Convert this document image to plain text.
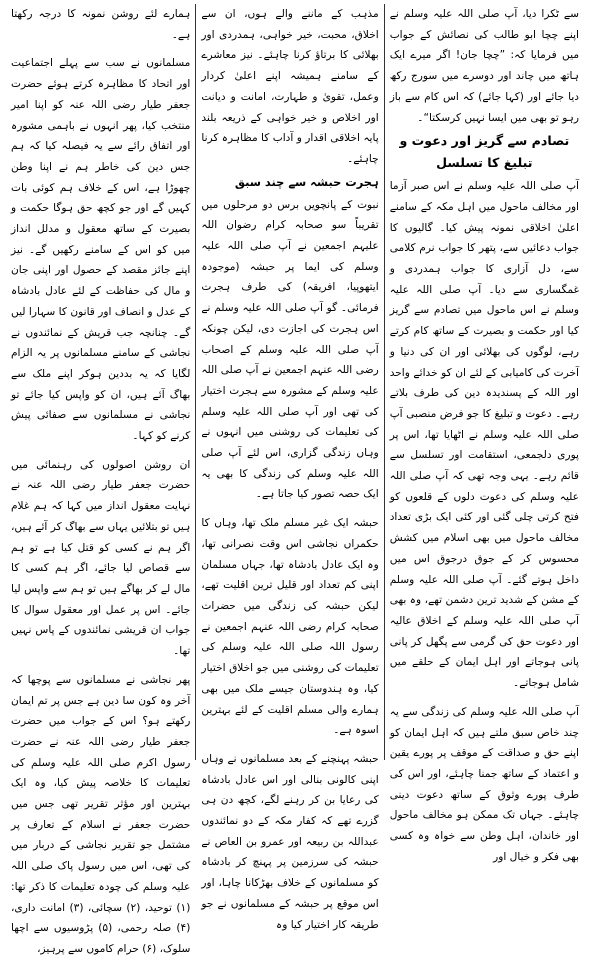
سے ٹکرا دیا، آپ صلی اللہ علیہ وسلم نے اپنے چچا ابو طالب کی نصائش کے جواب میں فرمایا کہ: ”چچا جان! اگر میرے ایک ہاتھ میں چاند اور دوسرے میں سورج رکھ دیا جائے اور (کہا جائے) کہ اس کام سے باز رہو تو بھی میں ایسا نہیں کرسکتا“۔

تصادم سے گریز اور دعوت و تبلیغ کا تسلسل

آپ صلی اللہ علیہ وسلم نے اس صبر آزما اور مخالف ماحول میں اہل مکہ کے سامنے اعلیٰ اخلاقی نمونہ پیش کیا۔ گالیوں کا جواب دعائیں سے، پتھر کا جواب نرم کلامی سے، دل آزاری کا جواب ہمدردی و غمگساری سے دیا۔ آپ صلی اللہ علیہ وسلم نے اس ماحول میں تصادم سے گریز کیا اور حکمت و بصیرت کے ساتھ کام کرتے رہے، لوگوں کی بھلائی اور ان کی دنیا و آخرت کی کامیابی کے لئے ان کو خدائے واحد اور اللہ کے پسندیدہ دین کی طرف بلاتے رہے۔ دعوت و تبلیغ کا جو فرض منصبی آپ صلی اللہ علیہ وسلم نے اٹھایا تھا، اس پر پوری دلجمعی، استقامت اور تسلسل سے قائم رہے۔ یہی وجہ تھی کہ آپ صلی اللہ علیہ وسلم کی دعوت دلوں کے قلعوں کو فتح کرتی چلی گئی اور کئی ایک بڑی تعداد مخالف ماحول میں بھی اسلام میں کشش محسوس کر کے جوق درجوق اس میں داخل ہوتے گئے۔ آپ صلی اللہ علیہ وسلم کے مشن کے شدید ترین دشمن تھے، وہ بھی آپ صلی اللہ علیہ وسلم کے اخلاق عالیہ اور دعوت حق کی گرمی سے پگھل کر پانی پانی ہوجاتے اور اہل ایمان کے حلقے میں شامل ہوجاتے۔

آپ صلی اللہ علیہ وسلم کی زندگی سے یہ چند خاص سبق ملتے ہیں کہ اہل ایمان کو اپنے حق و صداقت کے موقف پر پورے یقین و اعتماد کے ساتھ جمنا چاہئے، اور اس کی طرف پورے وثوق کے ساتھ دعوت دینی چاہئے۔ جہاں تک ممکن ہو مخالف ماحول اور خاندان، اہل وطن سے خواہ وہ کسی بھی فکر و خیال اور

مذہب کے ماننے والے ہوں، ان سے اخلاق، محبت، خیر خواہی، ہمدردی اور بھلائی کا برتاؤ کرنا چاہئے۔ نیز معاشرے کے سامنے ہمیشہ اپنے اعلیٰ کردار وعمل، تقویٰ و طہارت، امانت و دیانت اور اخلاص و خیر خواہی کے ذریعہ بلند پایہ اخلاقی اقدار و آداب کا مظاہرہ کرنا چاہئے۔

ہجرت حبشہ سے چند سبق

نبوت کے پانچویں برس دو مرحلوں میں تقریباً سو صحابہ کرام رضوان اللہ علیہم اجمعین نے آپ صلی اللہ علیہ وسلم کی ایما پر حبشہ (موجودہ ایتھوپیا، افریقہ) کی طرف ہجرت فرمائی۔ گو آپ صلی اللہ علیہ وسلم نے اس ہجرت کی اجازت دی، لیکن چونکہ آپ صلی اللہ علیہ وسلم کے اصحاب رضی اللہ عنہم اجمعین نے آپ صلی اللہ علیہ وسلم کے مشورہ سے ہجرت اختیار کی تھی اور آپ صلی اللہ علیہ وسلم کی تعلیمات کی روشنی میں انہوں نے وہاں زندگی گزاری، اس لئے آپ صلی اللہ علیہ وسلم کی زندگی کا بھی یہ ایک حصہ تصور کیا جاتا ہے۔

حبشہ ایک غیر مسلم ملک تھا، وہاں کا حکمراں نجاشی اس وقت نصرانی تھا، وہ ایک عادل بادشاہ تھا، جہاں مسلمان اپنی کم تعداد اور قلیل ترین اقلیت تھے، لیکن حبشہ کی زندگی میں حضرات صحابہ کرام رضی اللہ عنہم اجمعین نے رسول اللہ صلی اللہ علیہ وسلم کی تعلیمات کی روشنی میں جو اخلاق اختیار کیا، وہ ہندوستان جیسے ملک میں بھی ہمارے والی مسلم اقلیت کے لئے بہترین اسوہ ہے۔

حبشہ پہنچنے کے بعد مسلمانوں نے وہاں اپنی کالونی بنالی اور اس عادل بادشاہ کی رعایا بن کر رہنے لگے، کچھ دن ہی گزرے تھے کہ کفار مکہ کے دو نمائندوں عبداللہ بن ربیعہ اور عمرو بن العاص نے حبشہ کی سرزمین پر پہنچ کر بادشاہ کو مسلمانوں کے خلاف بھڑکانا چاہا، اور اس موقع پر حبشہ کے مسلمانوں نے جو طریقہ کار اختیار کیا وہ

ہمارے لئے روشن نمونہ کا درجہ رکھتا ہے۔

مسلمانوں نے سب سے پہلے اجتماعیت اور اتحاد کا مظاہرہ کرتے ہوئے حضرت جعفر طیار رضی اللہ عنہ کو اپنا امیر منتخب کیا، پھر انہوں نے باہمی مشورہ اور اتفاق رائے سے یہ فیصلہ کیا کہ ہم جس دین کی خاطر ہم نے اپنا وطن چھوڑا ہے، اس کے خلاف ہم کوئی بات کہیں گے اور جو کچھ حق ہوگا حکمت و بصیرت کے ساتھ معقول و مدلل انداز میں کو اس کے سامنے رکھیں گے۔ نیز اپنے جائز مقصد کے حصول اور اپنی جان و مال کی حفاظت کے لئے عادل بادشاہ کے عدل و انصاف اور قانون کا سہارا لیں گے۔ چنانچہ جب قریش کے نمائندوں نے نجاشی کے سامنے مسلمانوں پر یہ الزام لگایا کہ یہ بددین ہوکر اپنے ملک سے بھاگ آئے ہیں، ان کو واپس کیا جائے تو نجاشی نے مسلمانوں سے صفائی پیش کرنے کو کہا۔

ان روشن اصولوں کی رہنمائی میں حضرت جعفر طیار رضی اللہ عنہ نے نہایت معقول انداز میں کہا کہ ہم غلام ہیں تو بتلائیں یہاں سے بھاگ کر آئے ہیں، اگر ہم نے کسی کو قتل کیا ہے تو ہم سے قصاص لیا جائے، اگر ہم کسی کا مال لے کر بھاگے ہیں تو ہم سے واپس لیا جائے۔ اس پر عمل اور معقول سوال کا جواب ان قریشی نمائندوں کے پاس نہیں تھا۔

پھر نجاشی نے مسلمانوں سے پوچھا کہ آخر وہ کون سا دین ہے جس پر تم ایمان رکھتے ہو؟ اس کے جواب میں حضرت جعفر طیار رضی اللہ عنہ نے حضرت رسول اکرم صلی اللہ علیہ وسلم کی تعلیمات کا خلاصہ پیش کیا، وہ ایک بہترین اور مؤثر تقریر تھی جس میں حضرت جعفر نے اسلام کے تعارف پر مشتمل جو تقریر نجاشی کے دربار میں کی تھی، اس میں رسول پاک صلی اللہ علیہ وسلم کی چودہ تعلیمات کا ذکر تھا: (۱) توحید، (۲) سچائی، (۳) امانت داری، (۴) صلہ رحمی، (۵) پڑوسیوں سے اچھا سلوک، (۶) حرام کاموں سے پرہیز،
